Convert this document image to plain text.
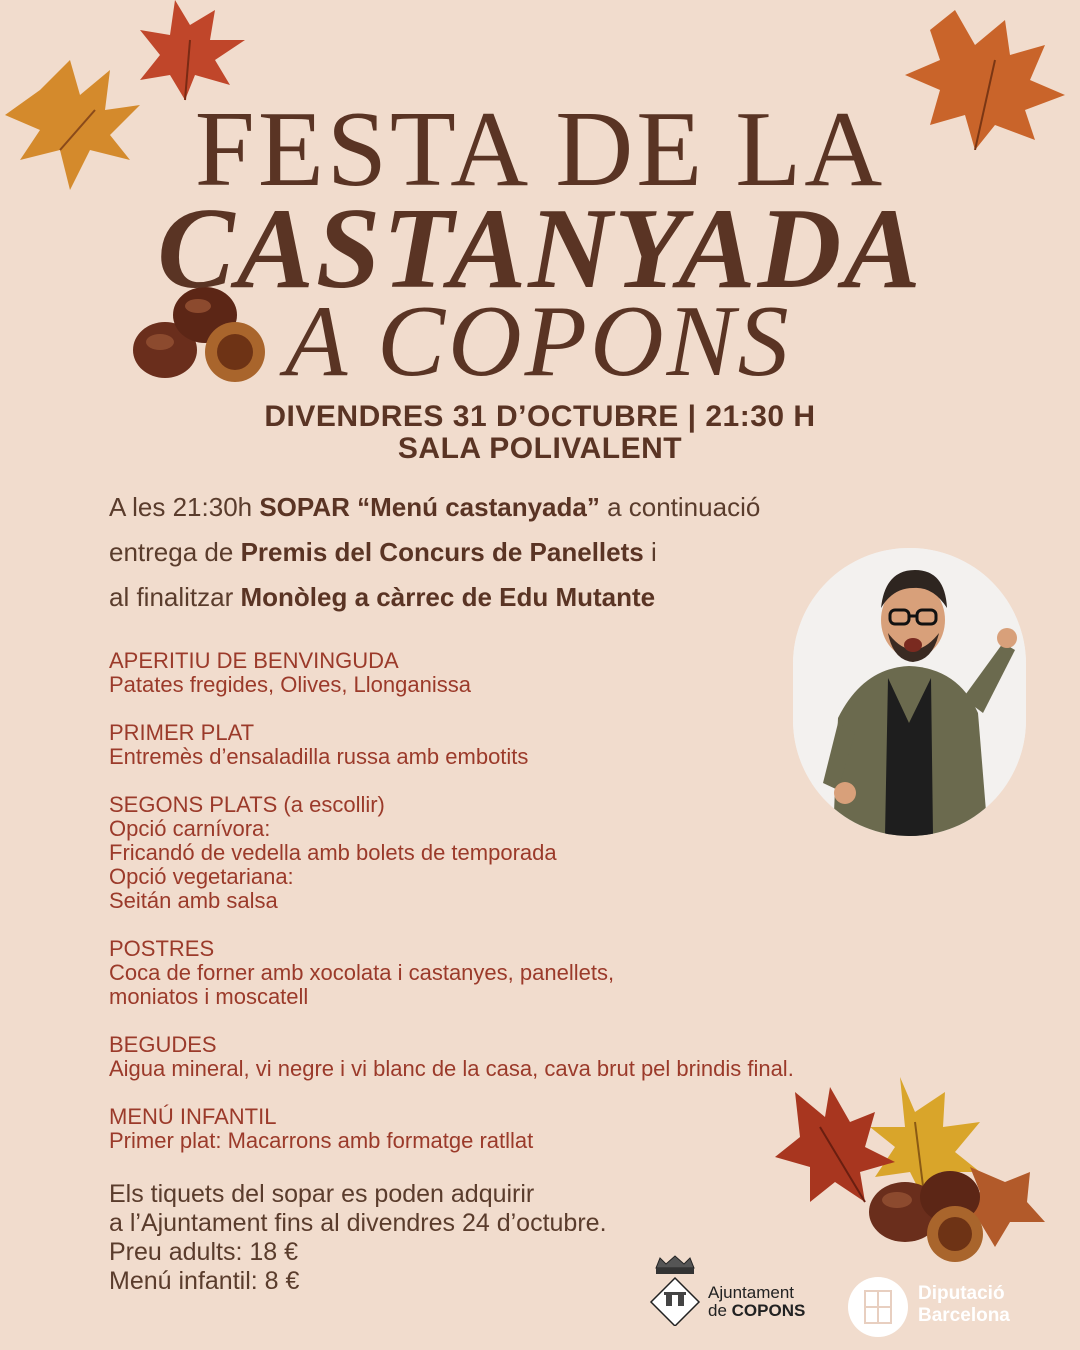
FESTA DE LA
CASTANYADA
A COPONS
DIVENDRES 31 D’OCTUBRE | 21:30 H
SALA POLIVALENT
A les 21:30h SOPAR “Menú castanyada” a continuació
entrega de Premis del Concurs de Panellets i
al finalitzar Monòleg a càrrec de Edu Mutante
APERITIU DE BENVINGUDA
Patates fregides, Olives, Llonganissa
PRIMER PLAT
Entremès d’ensaladilla russa amb embotits
SEGONS PLATS (a escollir)
Opció carnívora:
Fricandó de vedella amb bolets de temporada
Opció vegetariana:
Seitán amb salsa
POSTRES
Coca de forner amb xocolata i castanyes, panellets,
moniatos i moscatell
BEGUDES
Aigua mineral, vi negre i vi blanc de la casa, cava brut pel brindis final.
MENÚ INFANTIL
Primer plat: Macarrons amb formatge ratllat
Els tiquets del sopar es poden adquirir
a l’Ajuntament fins al divendres 24 d’octubre.
Preu adults: 18 €
Menú infantil: 8 €	Ajuntament
de COPONS
Diputació
Barcelona
